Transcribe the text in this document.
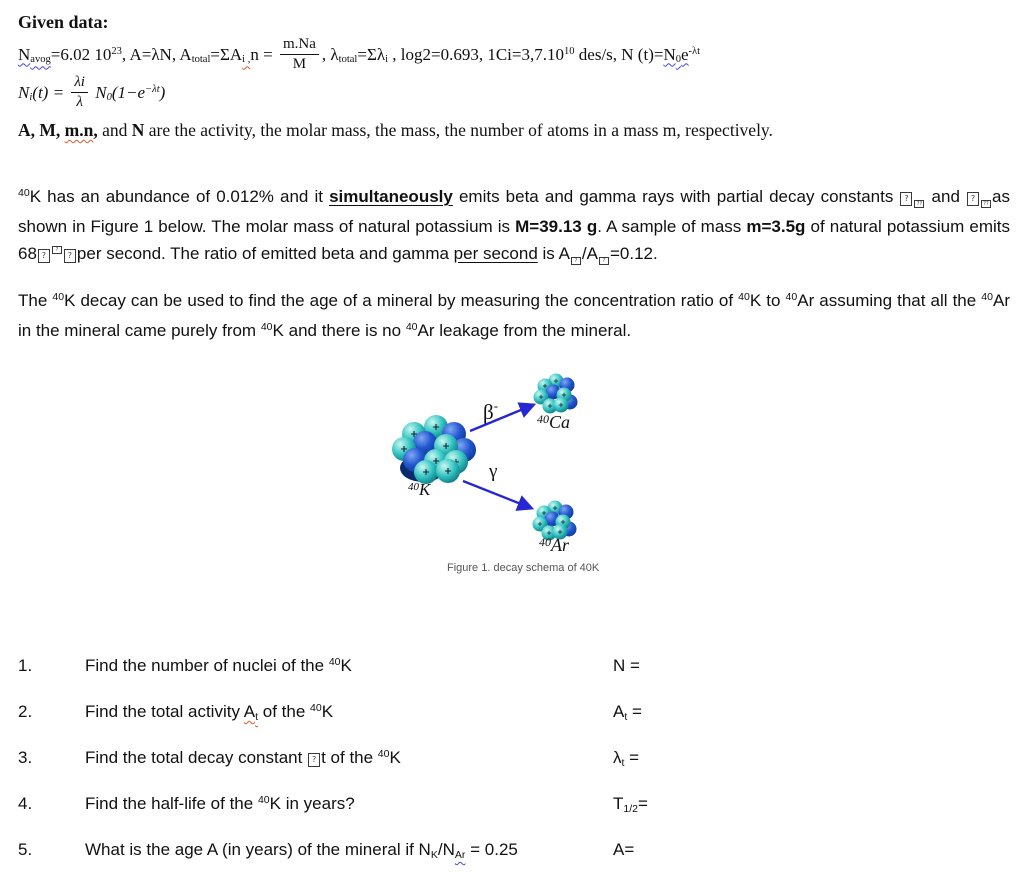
Given data:
Navog=6.02 $10^{23}$, A=λN, Atotal=ΣAi $,n = \frac{m.Na}{M}$ , λtotal=Σλi , log2=0.693, $1Ci=3,7.10^{10}$ des/s, N $(t)=N0e^{-\lambda t}$
$Ni(t) = \frac{\lambda i}{\lambda} N0(1-e^{-\lambda t})$
A, M, m.n, and N are the activity, the molar mass, the mass, the number of atoms in a mass m, respectively.
$^{40}$K has an abundance of 0.012% and it simultaneously emits beta and gamma rays with partial decay constants ??? and ??? as shown in Figure 1 below. The molar mass of natural potassium is M=39.13 g. A sample of mass m=3.5g of natural potassium emits 68 ??? per second. The ratio of emitted beta and gamma per second is A ? /A ? =0.12.
The $^{40}$K decay can be used to find the age of a mineral by measuring the concentration ratio of $^{40}$K to $^{40}$Ar assuming that all the $^{40}$Ar in the mineral came purely from $^{40}$K and there is no $^{40}$Ar leakage from the mineral.
β-
γ
$^{40}$K
$^{40}$Ca
$^{40}$Ar
Figure 1. decay schema of 40K
1.	Find the number of nuclei of the $^{40}$K	N =
2.	Find the total activity At of the $^{40}$K	At =
3.	Find the total decay constant ? t of the $^{40}$K	λt =
4.	Find the half-life of the $^{40}$K in years?	T1/2=
5.	What is the age A (in years) of the mineral if NK/NAr = 0.25	A=
